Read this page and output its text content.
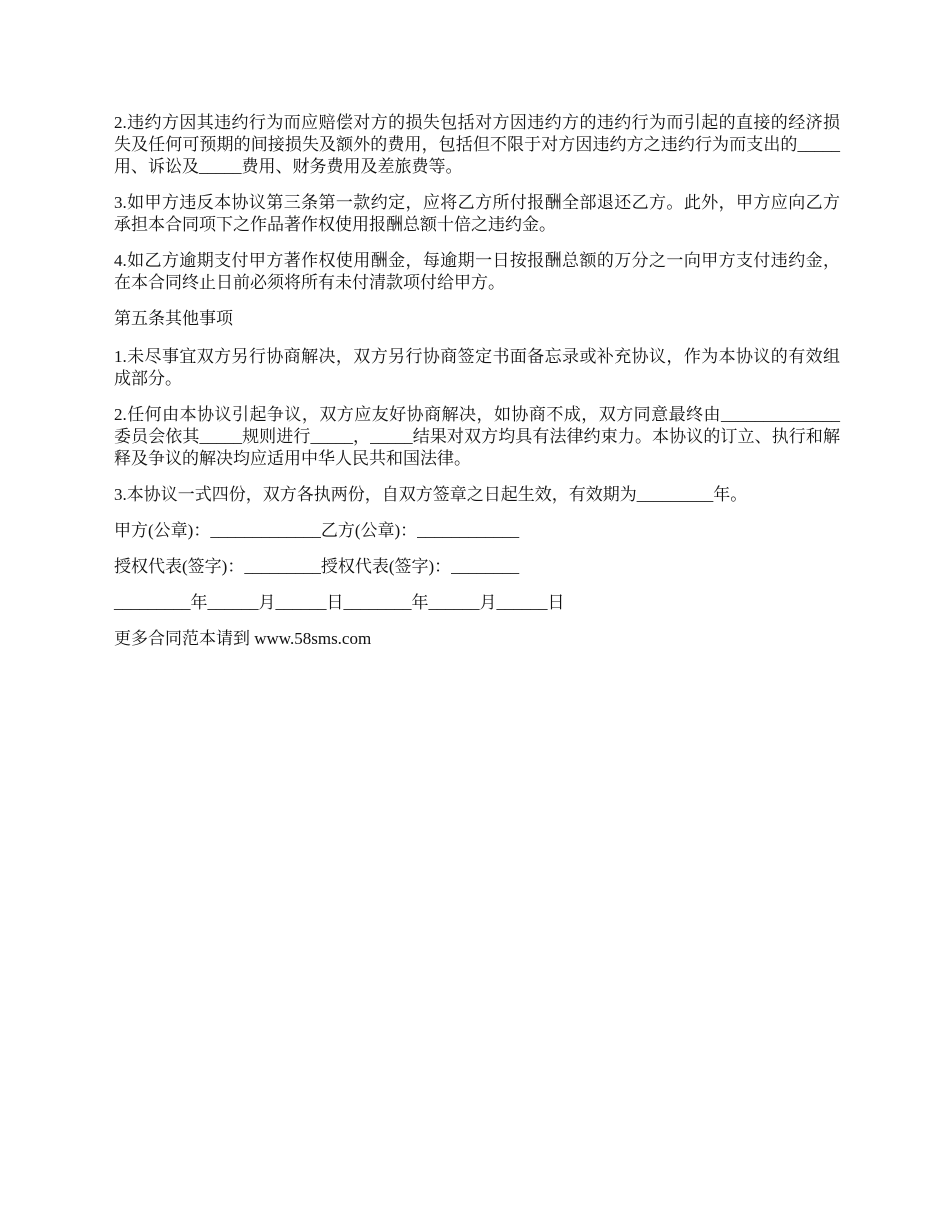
2.违约方因其违约行为而应赔偿对方的损失包括对方因违约方的违约行为而引起的直接的经济损失及任何可预期的间接损失及额外的费用，包括但不限于对方因违约方之违约行为而支出的_____用、诉讼及_____费用、财务费用及差旅费等。

3.如甲方违反本协议第三条第一款约定，应将乙方所付报酬全部退还乙方。此外，甲方应向乙方承担本合同项下之作品著作权使用报酬总额十倍之违约金。

4.如乙方逾期支付甲方著作权使用酬金，每逾期一日按报酬总额的万分之一向甲方支付违约金，在本合同终止日前必须将所有未付清款项付给甲方。

第五条其他事项

1.未尽事宜双方另行协商解决，双方另行协商签定书面备忘录或补充协议，作为本协议的有效组成部分。

2.任何由本协议引起争议，双方应友好协商解决，如协商不成，双方同意最终由______________委员会依其_____规则进行_____，_____结果对双方均具有法律约束力。本协议的订立、执行和解释及争议的解决均应适用中华人民共和国法律。

3.本协议一式四份，双方各执两份，自双方签章之日起生效，有效期为_________年。

甲方(公章)：_____________乙方(公章)：____________

授权代表(签字)：_________授权代表(签字)：________

_________年______月______日________年______月______日

更多合同范本请到 www.58sms.com
